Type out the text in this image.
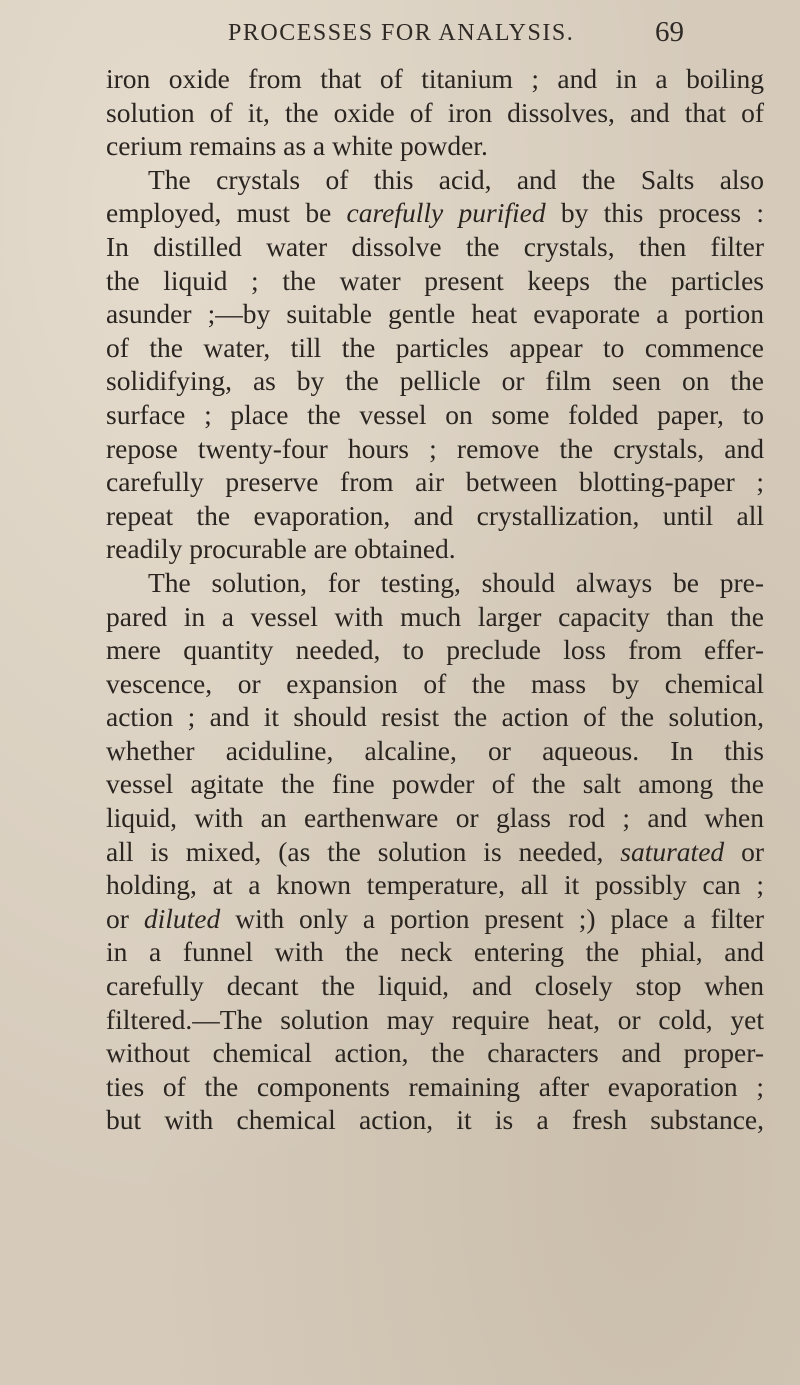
PROCESSES FOR ANALYSIS.	69
iron oxide from that of titanium ; and in a boiling
solution of it, the oxide of iron dissolves, and that of
cerium remains as a white powder.
The crystals of this acid, and the Salts also
employed, must be carefully purified by this process :
In distilled water dissolve the crystals, then filter
the liquid ; the water present keeps the particles
asunder ;—by suitable gentle heat evaporate a portion
of the water, till the particles appear to commence
solidifying, as by the pellicle or film seen on the
surface ; place the vessel on some folded paper, to
repose twenty-four hours ; remove the crystals, and
carefully preserve from air between blotting-paper ;
repeat the evaporation, and crystallization, until all
readily procurable are obtained.
The solution, for testing, should always be pre-
pared in a vessel with much larger capacity than the
mere quantity needed, to preclude loss from effer-
vescence, or expansion of the mass by chemical
action ; and it should resist the action of the solution,
whether aciduline, alcaline, or aqueous. In this
vessel agitate the fine powder of the salt among the
liquid, with an earthenware or glass rod ; and when
all is mixed, (as the solution is needed, saturated or
holding, at a known temperature, all it possibly can ;
or diluted with only a portion present ;) place a filter
in a funnel with the neck entering the phial, and
carefully decant the liquid, and closely stop when
filtered.—The solution may require heat, or cold, yet
without chemical action, the characters and proper-
ties of the components remaining after evaporation ;
but with chemical action, it is a fresh substance,
